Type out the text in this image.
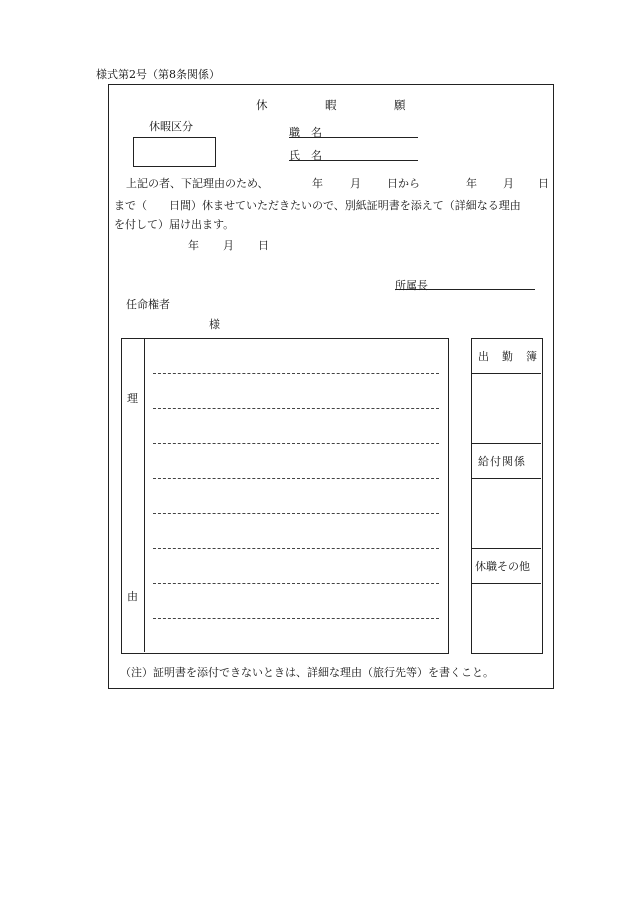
様式第2号（第8条関係）
休	暇	願
休暇区分	職　名
氏　名
上記の者、下記理由のため、	年 月 日から	年 月 日
まで（　　日間）休ませていただきたいので、別紙証明書を添えて（詳細なる理由
を付して）届け出ます。
年 月 日
所属長
任命権者
様
理
由
出　勤　簿
給付関係
休職その他
（注）証明書を添付できないときは、詳細な理由（旅行先等）を書くこと。
